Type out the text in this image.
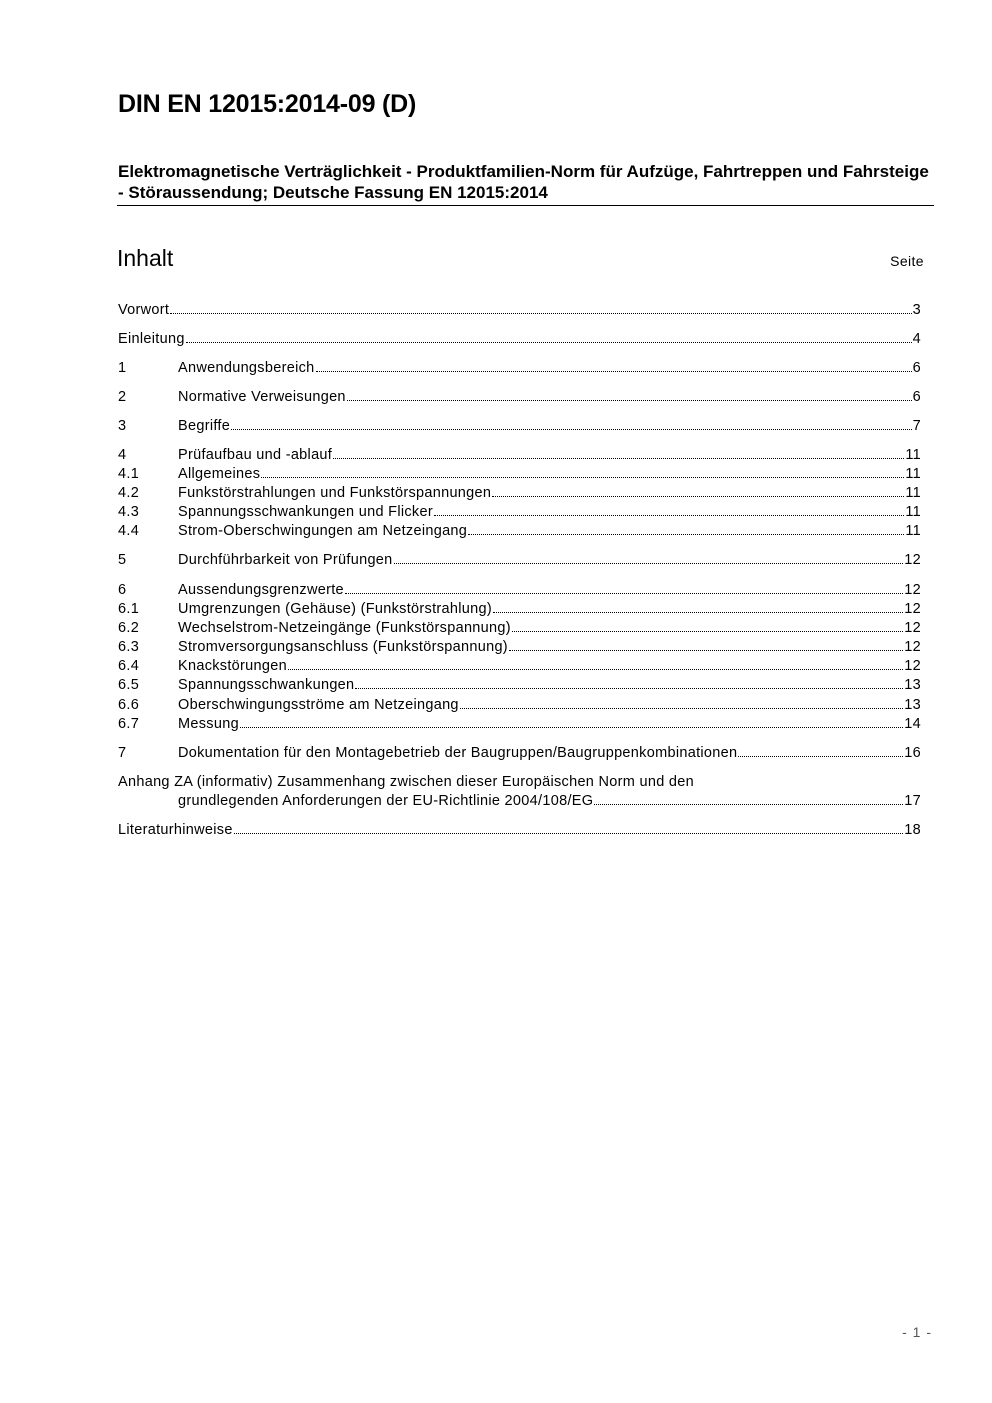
DIN EN 12015:2014-09 (D)
Elektromagnetische Verträglichkeit - Produktfamilien-Norm für Aufzüge, Fahrtreppen und Fahrsteige - Störaussendung; Deutsche Fassung EN 12015:2014
Inhalt	Seite
Vorwort	3
Einleitung	4
1	Anwendungsbereich	6
2	Normative Verweisungen	6
3	Begriffe	7
4	Prüfaufbau und -ablauf	11
4.1	Allgemeines	11
4.2	Funkstörstrahlungen und Funkstörspannungen	11
4.3	Spannungsschwankungen und Flicker	11
4.4	Strom-Oberschwingungen am Netzeingang	11
5	Durchführbarkeit von Prüfungen	12
6	Aussendungsgrenzwerte	12
6.1	Umgrenzungen (Gehäuse) (Funkstörstrahlung)	12
6.2	Wechselstrom-Netzeingänge (Funkstörspannung)	12
6.3	Stromversorgungsanschluss (Funkstörspannung)	12
6.4	Knackstörungen	12
6.5	Spannungsschwankungen	13
6.6	Oberschwingungsströme am Netzeingang	13
6.7	Messung	14
7	Dokumentation für den Montagebetrieb der Baugruppen/Baugruppenkombinationen	16
Anhang ZA (informativ) Zusammenhang zwischen dieser Europäischen Norm und den
grundlegenden Anforderungen der EU-Richtlinie 2004/108/EG	17
Literaturhinweise	18
- 1 -
